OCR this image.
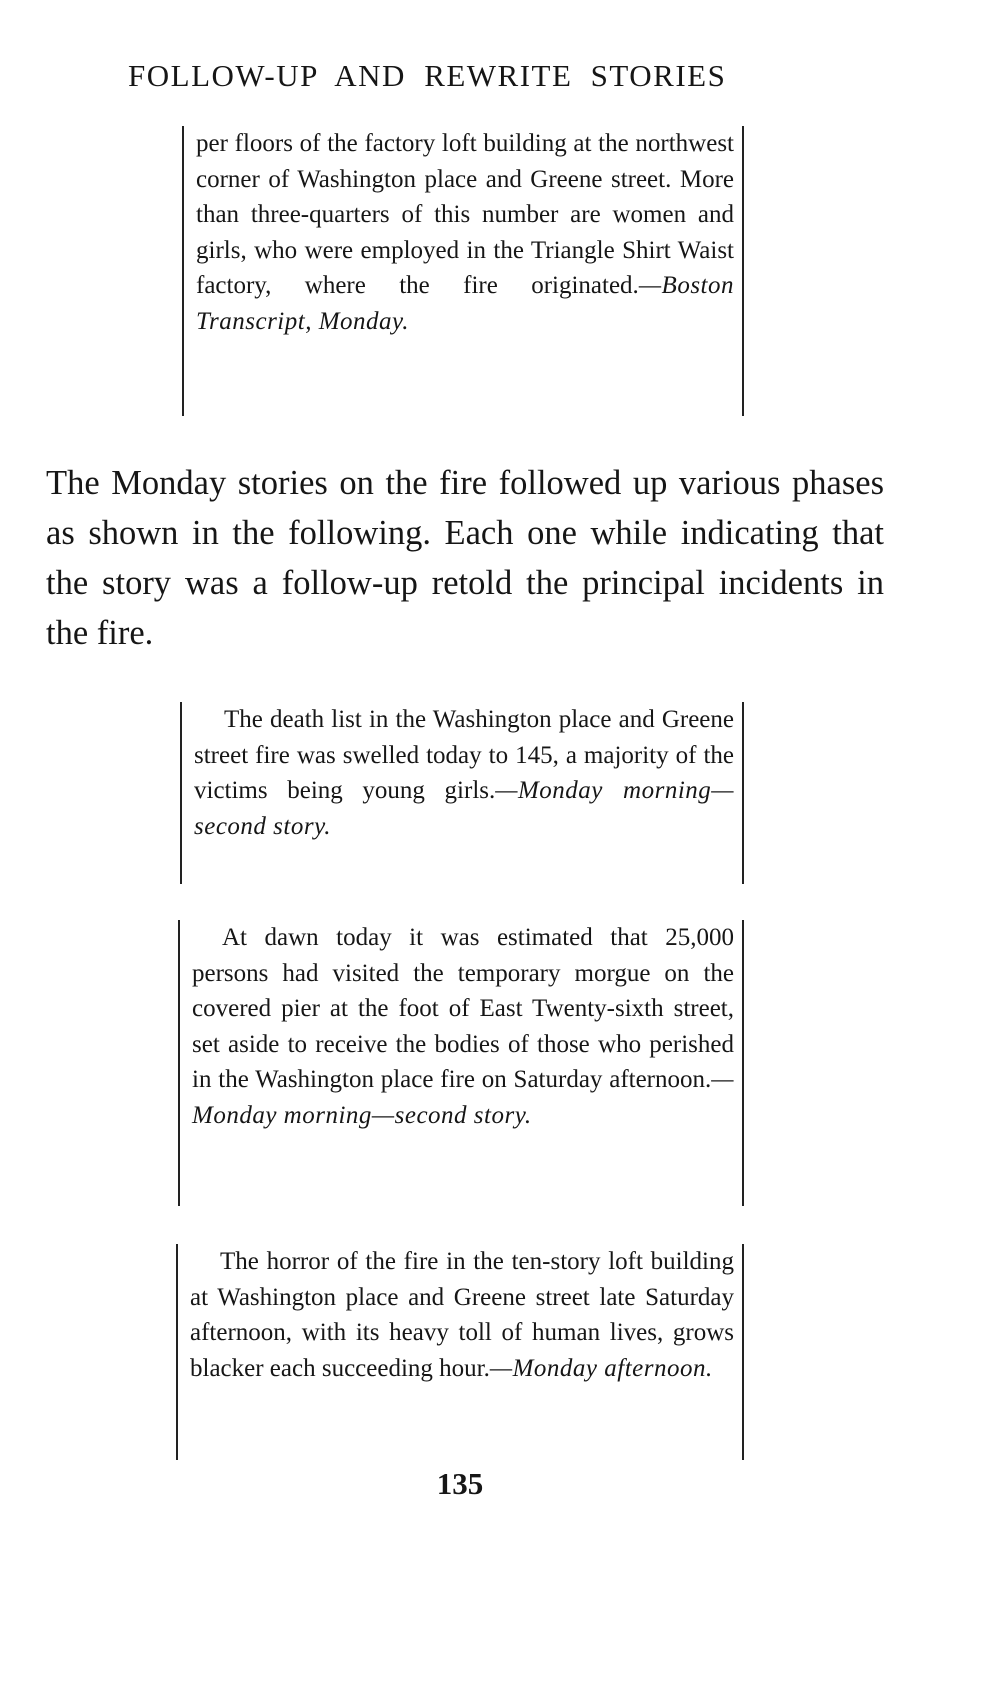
FOLLOW-UP AND REWRITE STORIES

per floors of the factory loft building at the northwest corner of Washington place and Greene street. More than three-quarters of this number are women and girls, who were employed in the Triangle Shirt Waist factory, where the fire originated.—Boston Transcript, Monday.

The Monday stories on the fire followed up various phases as shown in the following. Each one while indicating that the story was a follow-up retold the principal incidents in the fire.

The death list in the Washington place and Greene street fire was swelled today to 145, a majority of the victims being young girls.—Monday morning—second story.

At dawn today it was estimated that 25,000 persons had visited the temporary morgue on the covered pier at the foot of East Twenty-sixth street, set aside to receive the bodies of those who perished in the Washington place fire on Saturday afternoon.—Monday morning—second story.

The horror of the fire in the ten-story loft building at Washington place and Greene street late Saturday afternoon, with its heavy toll of human lives, grows blacker each succeeding hour.—Monday afternoon.

135
